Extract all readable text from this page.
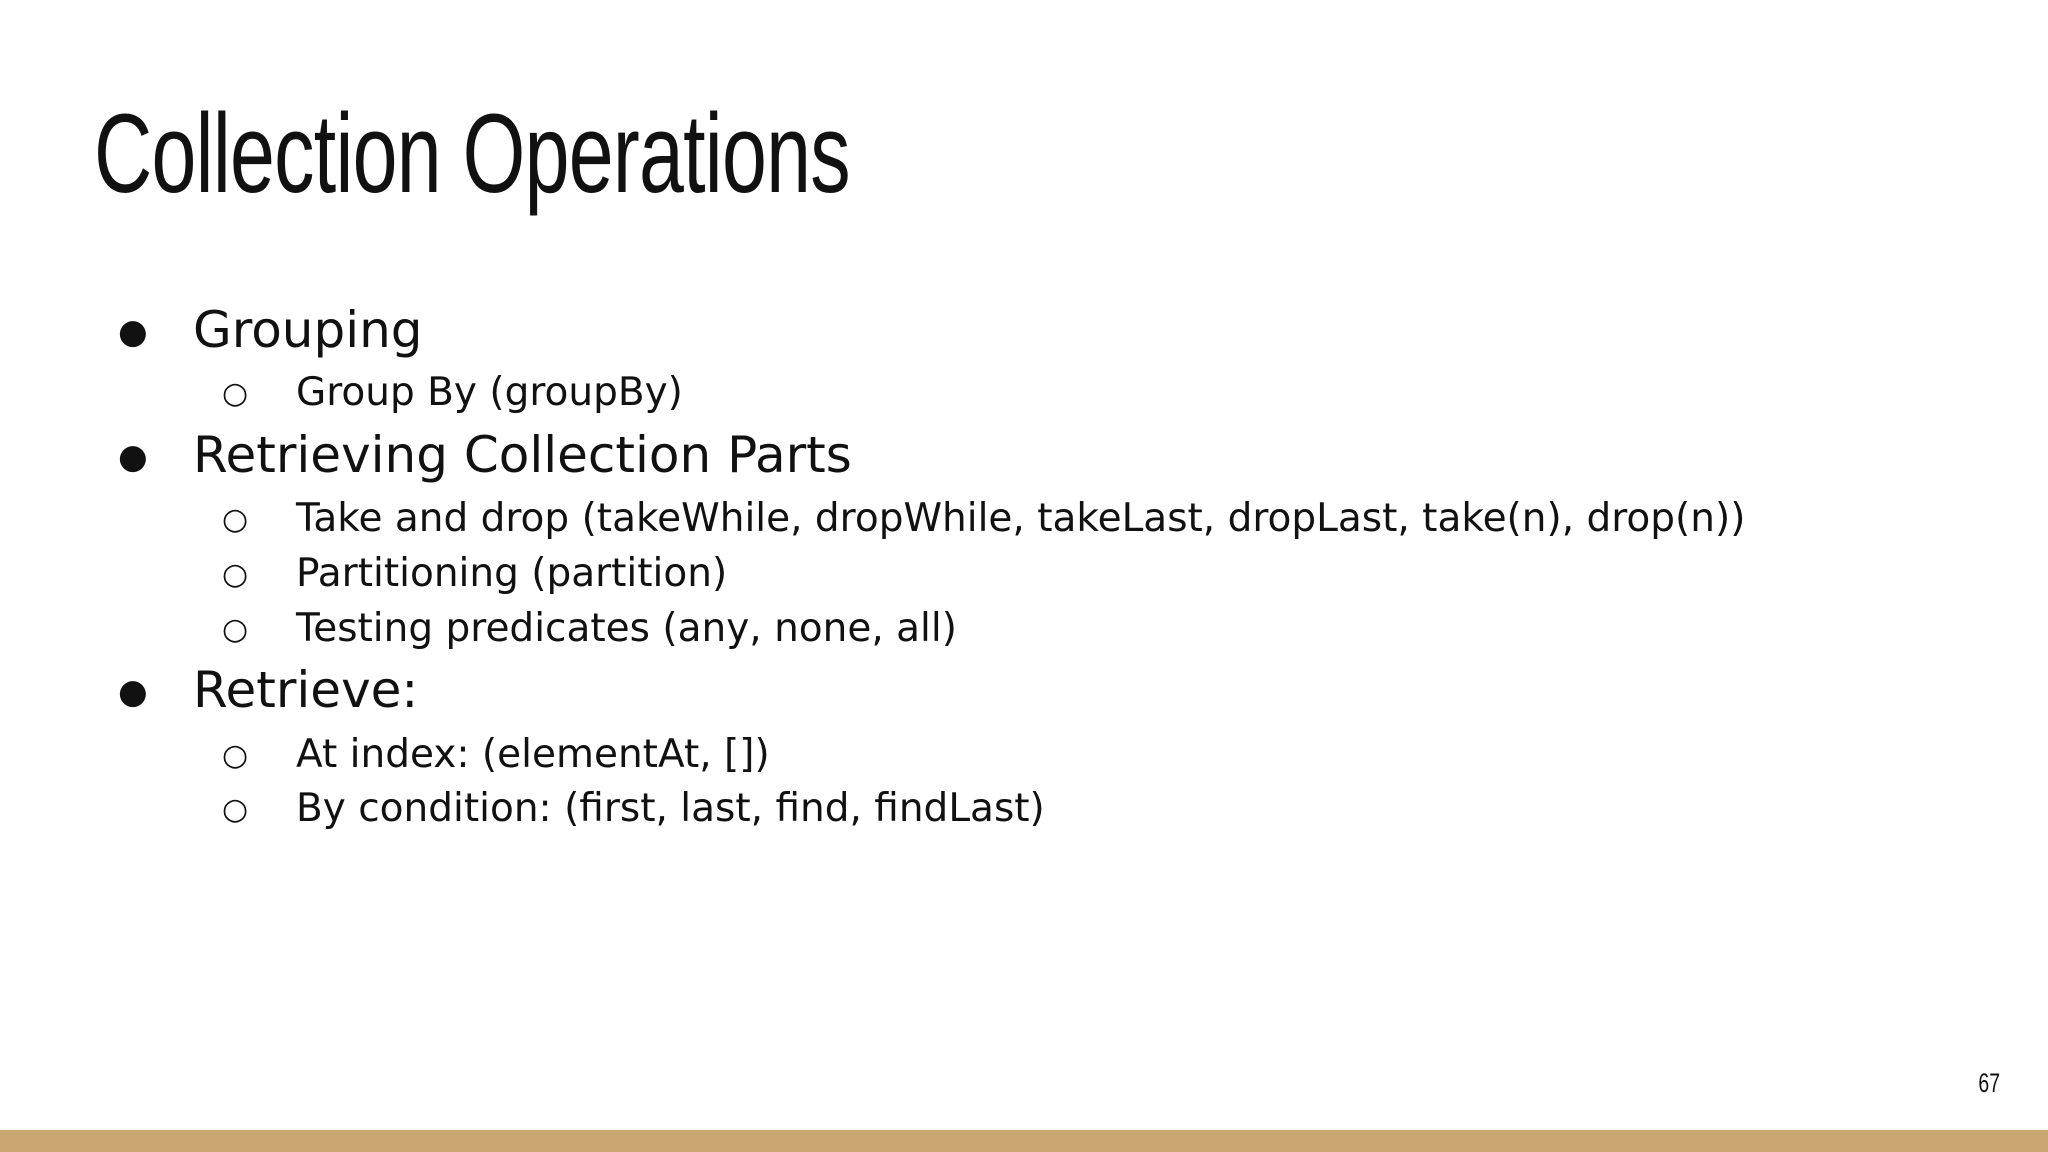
Collection Operations
● Grouping
○ Group By (groupBy)
● Retrieving Collection Parts
○ Take and drop (takeWhile, dropWhile, takeLast, dropLast, take(n), drop(n))
○ Partitioning (partition)
○ Testing predicates (any, none, all)
● Retrieve:
○ At index: (elementAt, [])
○ By condition: (first, last, find, findLast)
67
